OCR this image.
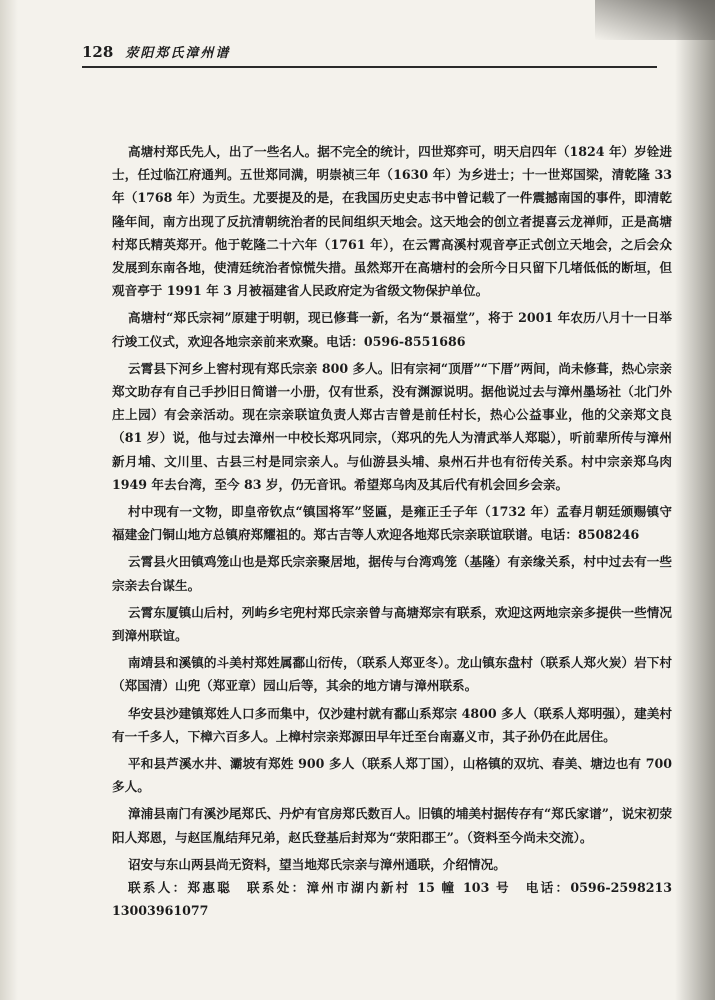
128 荥阳郑氏漳州谱

高塘村郑氏先人，出了一些名人。据不完全的统计，四世郑弈可，明天启四年（1824 年）岁铨进士，任过临江府通判。五世郑同满，明崇祯三年（1630 年）为乡进士；十一世郑国梁，清乾隆 33 年（1768 年）为贡生。尤要提及的是，在我国历史史志书中曾记载了一件震撼南国的事件，即清乾隆年间，南方出现了反抗清朝统治者的民间组织天地会。这天地会的创立者提喜云龙禅师，正是高塘村郑氏精英郑开。他于乾隆二十六年（1761 年），在云霄高溪村观音亭正式创立天地会，之后会众发展到东南各地，使清廷统治者惊慌失措。虽然郑开在高塘村的会所今日只留下几堵低低的断垣，但观音亭于 1991 年 3 月被福建省人民政府定为省级文物保护单位。

高塘村“郑氏宗祠”原建于明朝，现已修葺一新，名为“景福堂”，将于 2001 年农历八月十一日举行竣工仪式，欢迎各地宗亲前来欢聚。电话：0596-8551686

云霄县下河乡上窖村现有郑氏宗亲 800 多人。旧有宗祠“顶厝”“下厝”两间，尚未修葺，热心宗亲郑文助存有自己手抄旧日简谱一小册，仅有世系，没有渊源说明。据他说过去与漳州墨场社（北门外庄上园）有会亲活动。现在宗亲联谊负责人郑古吉曾是前任村长，热心公益事业，他的父亲郑文良（81 岁）说，他与过去漳州一中校长郑巩同宗，（郑巩的先人为清武举人郑聪），听前辈所传与漳州新月埔、文川里、古县三村是同宗亲人。与仙游县头埔、泉州石井也有衍传关系。村中宗亲郑乌肉 1949 年去台湾，至今 83 岁，仍无音讯。希望郑乌肉及其后代有机会回乡会亲。

村中现有一文物，即皇帝钦点“镇国将军”竖匾，是雍正壬子年（1732 年）孟春月朝廷颁赐镇守福建金门铜山地方总镇府郑耀祖的。郑古吉等人欢迎各地郑氏宗亲联谊联谱。电话：8508246

云霄县火田镇鸡笼山也是郑氏宗亲聚居地，据传与台湾鸡笼（基隆）有亲缘关系，村中过去有一些宗亲去台谋生。

云霄东厦镇山后村，列屿乡宅兜村郑氏宗亲曾与高塘郑宗有联系，欢迎这两地宗亲多提供一些情况到漳州联谊。

南靖县和溪镇的斗美村郑姓属鄱山衍传，（联系人郑亚冬）。龙山镇东盘村（联系人郑火炭）岩下村（郑国清）山兜（郑亚章）园山后等，其余的地方请与漳州联系。

华安县沙建镇郑姓人口多而集中，仅沙建村就有鄱山系郑宗 4800 多人（联系人郑明强），建美村有一千多人，下樟六百多人。上樟村宗亲郑源田早年迁至台南嘉义市，其子孙仍在此居住。

平和县芦溪水井、灞坡有郑姓 900 多人（联系人郑丁国），山格镇的双坑、春美、塘边也有 700 多人。

漳浦县南门有溪沙尾郑氏、丹炉有官房郑氏数百人。旧镇的埔美村据传存有“郑氏家谱”，说宋初荥阳人郑恩，与赵匡胤结拜兄弟，赵氏登基后封郑为“荥阳郡王”。（资料至今尚未交流）。

诏安与东山两县尚无资料，望当地郑氏宗亲与漳州通联，介绍情况。

联系人：郑惠聪　联系处：漳州市湖内新村 15 幢 103 号　电话：0596-2598213 13003961077
